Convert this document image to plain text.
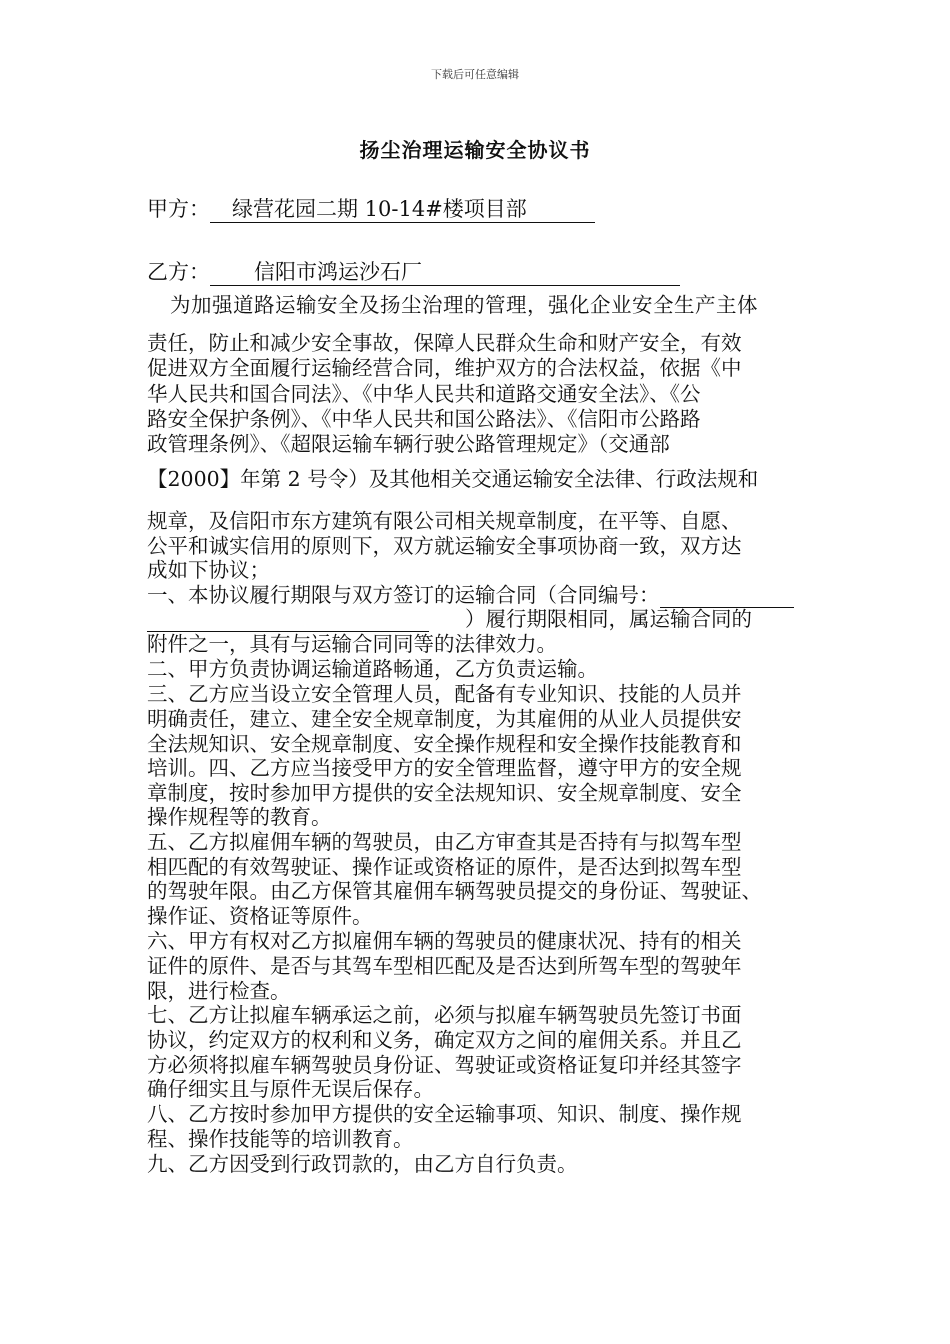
下载后可任意编辑
扬尘治理运输安全协议书
甲方： 绿营花园二期 10-14#楼项目部
乙方： 信阳市鸿运沙石厂
为加强道路运输安全及扬尘治理的管理，强化企业安全生产主体
责任，防止和减少安全事故，保障人民群众生命和财产安全，有效
促进双方全面履行运输经营合同，维护双方的合法权益，依据《中
华人民共和国合同法》、《中华人民共和道路交通安全法》、《公
路安全保护条例》、《中华人民共和国公路法》、《信阳市公路路
政管理条例》、《超限运输车辆行驶公路管理规定》（交通部
【2000】年第 2 号令）及其他相关交通运输安全法律、行政法规和
规章，及信阳市东方建筑有限公司相关规章制度，在平等、自愿、
公平和诚实信用的原则下，双方就运输安全事项协商一致，双方达
成如下协议；
一、本协议履行期限与双方签订的运输合同（合同编号：
）履行期限相同，属运输合同的
附件之一，具有与运输合同同等的法律效力。
二、甲方负责协调运输道路畅通，乙方负责运输。
三、乙方应当设立安全管理人员，配备有专业知识、技能的人员并
明确责任，建立、建全安全规章制度，为其雇佣的从业人员提供安
全法规知识、安全规章制度、安全操作规程和安全操作技能教育和
培训。四、乙方应当接受甲方的安全管理监督，遵守甲方的安全规
章制度，按时参加甲方提供的安全法规知识、安全规章制度、安全
操作规程等的教育。
五、乙方拟雇佣车辆的驾驶员，由乙方审查其是否持有与拟驾车型
相匹配的有效驾驶证、操作证或资格证的原件，是否达到拟驾车型
的驾驶年限。由乙方保管其雇佣车辆驾驶员提交的身份证、驾驶证、
操作证、资格证等原件。
六、甲方有权对乙方拟雇佣车辆的驾驶员的健康状况、持有的相关
证件的原件、是否与其驾车型相匹配及是否达到所驾车型的驾驶年
限，进行检查。
七、乙方让拟雇车辆承运之前，必须与拟雇车辆驾驶员先签订书面
协议，约定双方的权利和义务，确定双方之间的雇佣关系。并且乙
方必须将拟雇车辆驾驶员身份证、驾驶证或资格证复印并经其签字
确仔细实且与原件无误后保存。
八、乙方按时参加甲方提供的安全运输事项、知识、制度、操作规
程、操作技能等的培训教育。
九、乙方因受到行政罚款的，由乙方自行负责。
